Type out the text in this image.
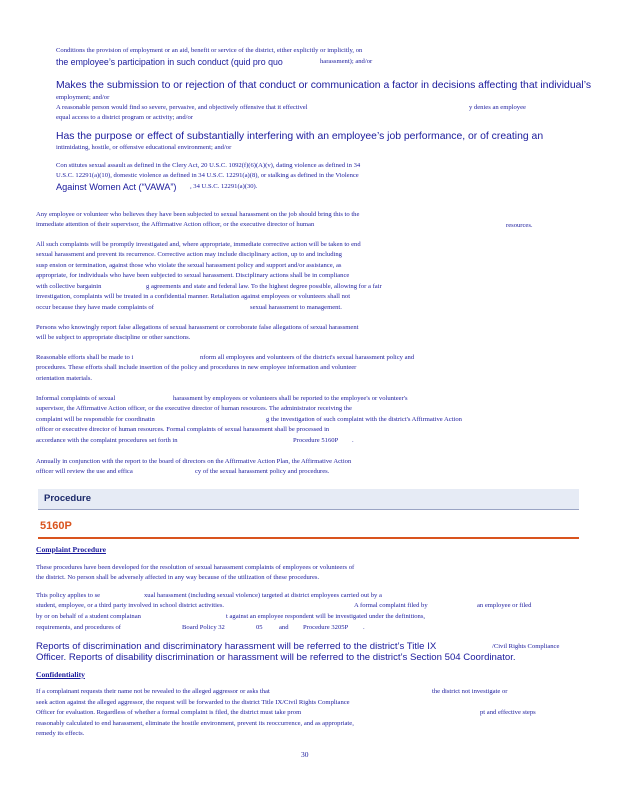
Conditions the provision of employment or an aid, benefit or service of the district, either explicitly or implicitly, on
the employee’s participation in such conduct (quid pro quo	harassment); and/or
Makes the submission to or rejection of that conduct or communication a factor in decisions affecting that individual’s
employment; and/or
A reasonable person would find so severe, pervasive, and objectively offensive that it effectivel	y denies an employee
equal access to a district program or activity; and/or
Has the purpose or effect of substantially interfering with an employee’s job performance, or of creating an
intimidating, hostile, or offensive educational environment; and/or
Con stitutes sexual assault as defined in the Clery Act, 20 U.S.C. 1092(f)(6)(A)(v), dating violence as defined in 34
U.S.C. 12291(a)(10), domestic violence as defined in 34 U.S.C. 12291(a)(8), or stalking as defined in the Violence
Against Women Act (“VAWA”) , 34 U.S.C. 12291(a)(30).
Any employee or volunteer who believes they have been subjected to sexual harassment on the job should bring this to the
immediate attention of their supervisor, the Affirmative Action officer, or the executive director of human	resources.
All such complaints will be promptly investigated and, where appropriate, immediate corrective action will be taken to end
sexual harassment and prevent its recurrence. Corrective action may include disciplinary action, up to and including
susp ension or termination, against those who violate the sexual harassment policy and support and/or assistance, as
appropriate, for individuals who have been subjected to sexual harassment. Disciplinary actions shall be in compliance
with collective bargainin	g agreements and state and federal law. To the highest degree possible, allowing for a fair
investigation, complaints will be treated in a confidential manner. Retaliation against employees or volunteers shall not
occur because they have made complaints of	sexual harassment to management.
Persons who knowingly report false allegations of sexual harassment or corroborate false allegations of sexual harassment
will be subject to appropriate discipline or other sanctions.
Reasonable efforts shall be made to i	nform all employees and volunteers of the district's sexual harassment policy and
procedures. These efforts shall include insertion of the policy and procedures in new employee information and volunteer
orientation materials.
Informal complaints of sexual	harassment by employees or volunteers shall be reported to the employee's or volunteer's
supervisor, the Affirmative Action officer, or the executive director of human resources. The administrator receiving the
complaint will be responsible for coordinatin	g the investigation of such complaint with the district's Affirmative Action
officer or executive director of human resources. Formal complaints of sexual harassment shall be processed in
accordance with the complaint procedures set forth in	Procedure 5160P .
Annually in conjunction with the report to the board of directors on the Affirmative Action Plan, the Affirmative Action
officer will review the use and effica	cy of the sexual harassment policy and procedures.
Procedure
5160P
Complaint Procedure
These procedures have been developed for the resolution of sexual harassment complaints of employees or volunteers of
the district. No person shall be adversely affected in any way because of the utilization of these procedures.
This policy applies to se	xual harassment (including sexual violence) targeted at district employees carried out by a
student, employee, or a third party involved in school district activities.	A formal complaint filed by	an employee or filed
by or on behalf of a student complainan	t against an employee respondent will be investigated under the definitions,
requirements, and procedures of	Board Policy 32	05 and Procedure 3205P .
Reports of discrimination and discriminatory harassment will be referred to the district’s Title IX	/Civil Rights Compliance
Officer. Reports of disability discrimination or harassment will be referred to the district’s Section 504 Coordinator.
Confidentiality
If a complainant requests their name not be revealed to the alleged aggressor or asks that	the district not investigate or
seek action against the alleged aggressor, the request will be forwarded to the district Title IX/Civil Rights Compliance
Officer for evaluation. Regardless of whether a formal complaint is filed, the district must take prom	pt and effective steps
reasonably calculated to end harassment, eliminate the hostile environment, prevent its reoccurrence, and as appropriate,
remedy its effects.
30
